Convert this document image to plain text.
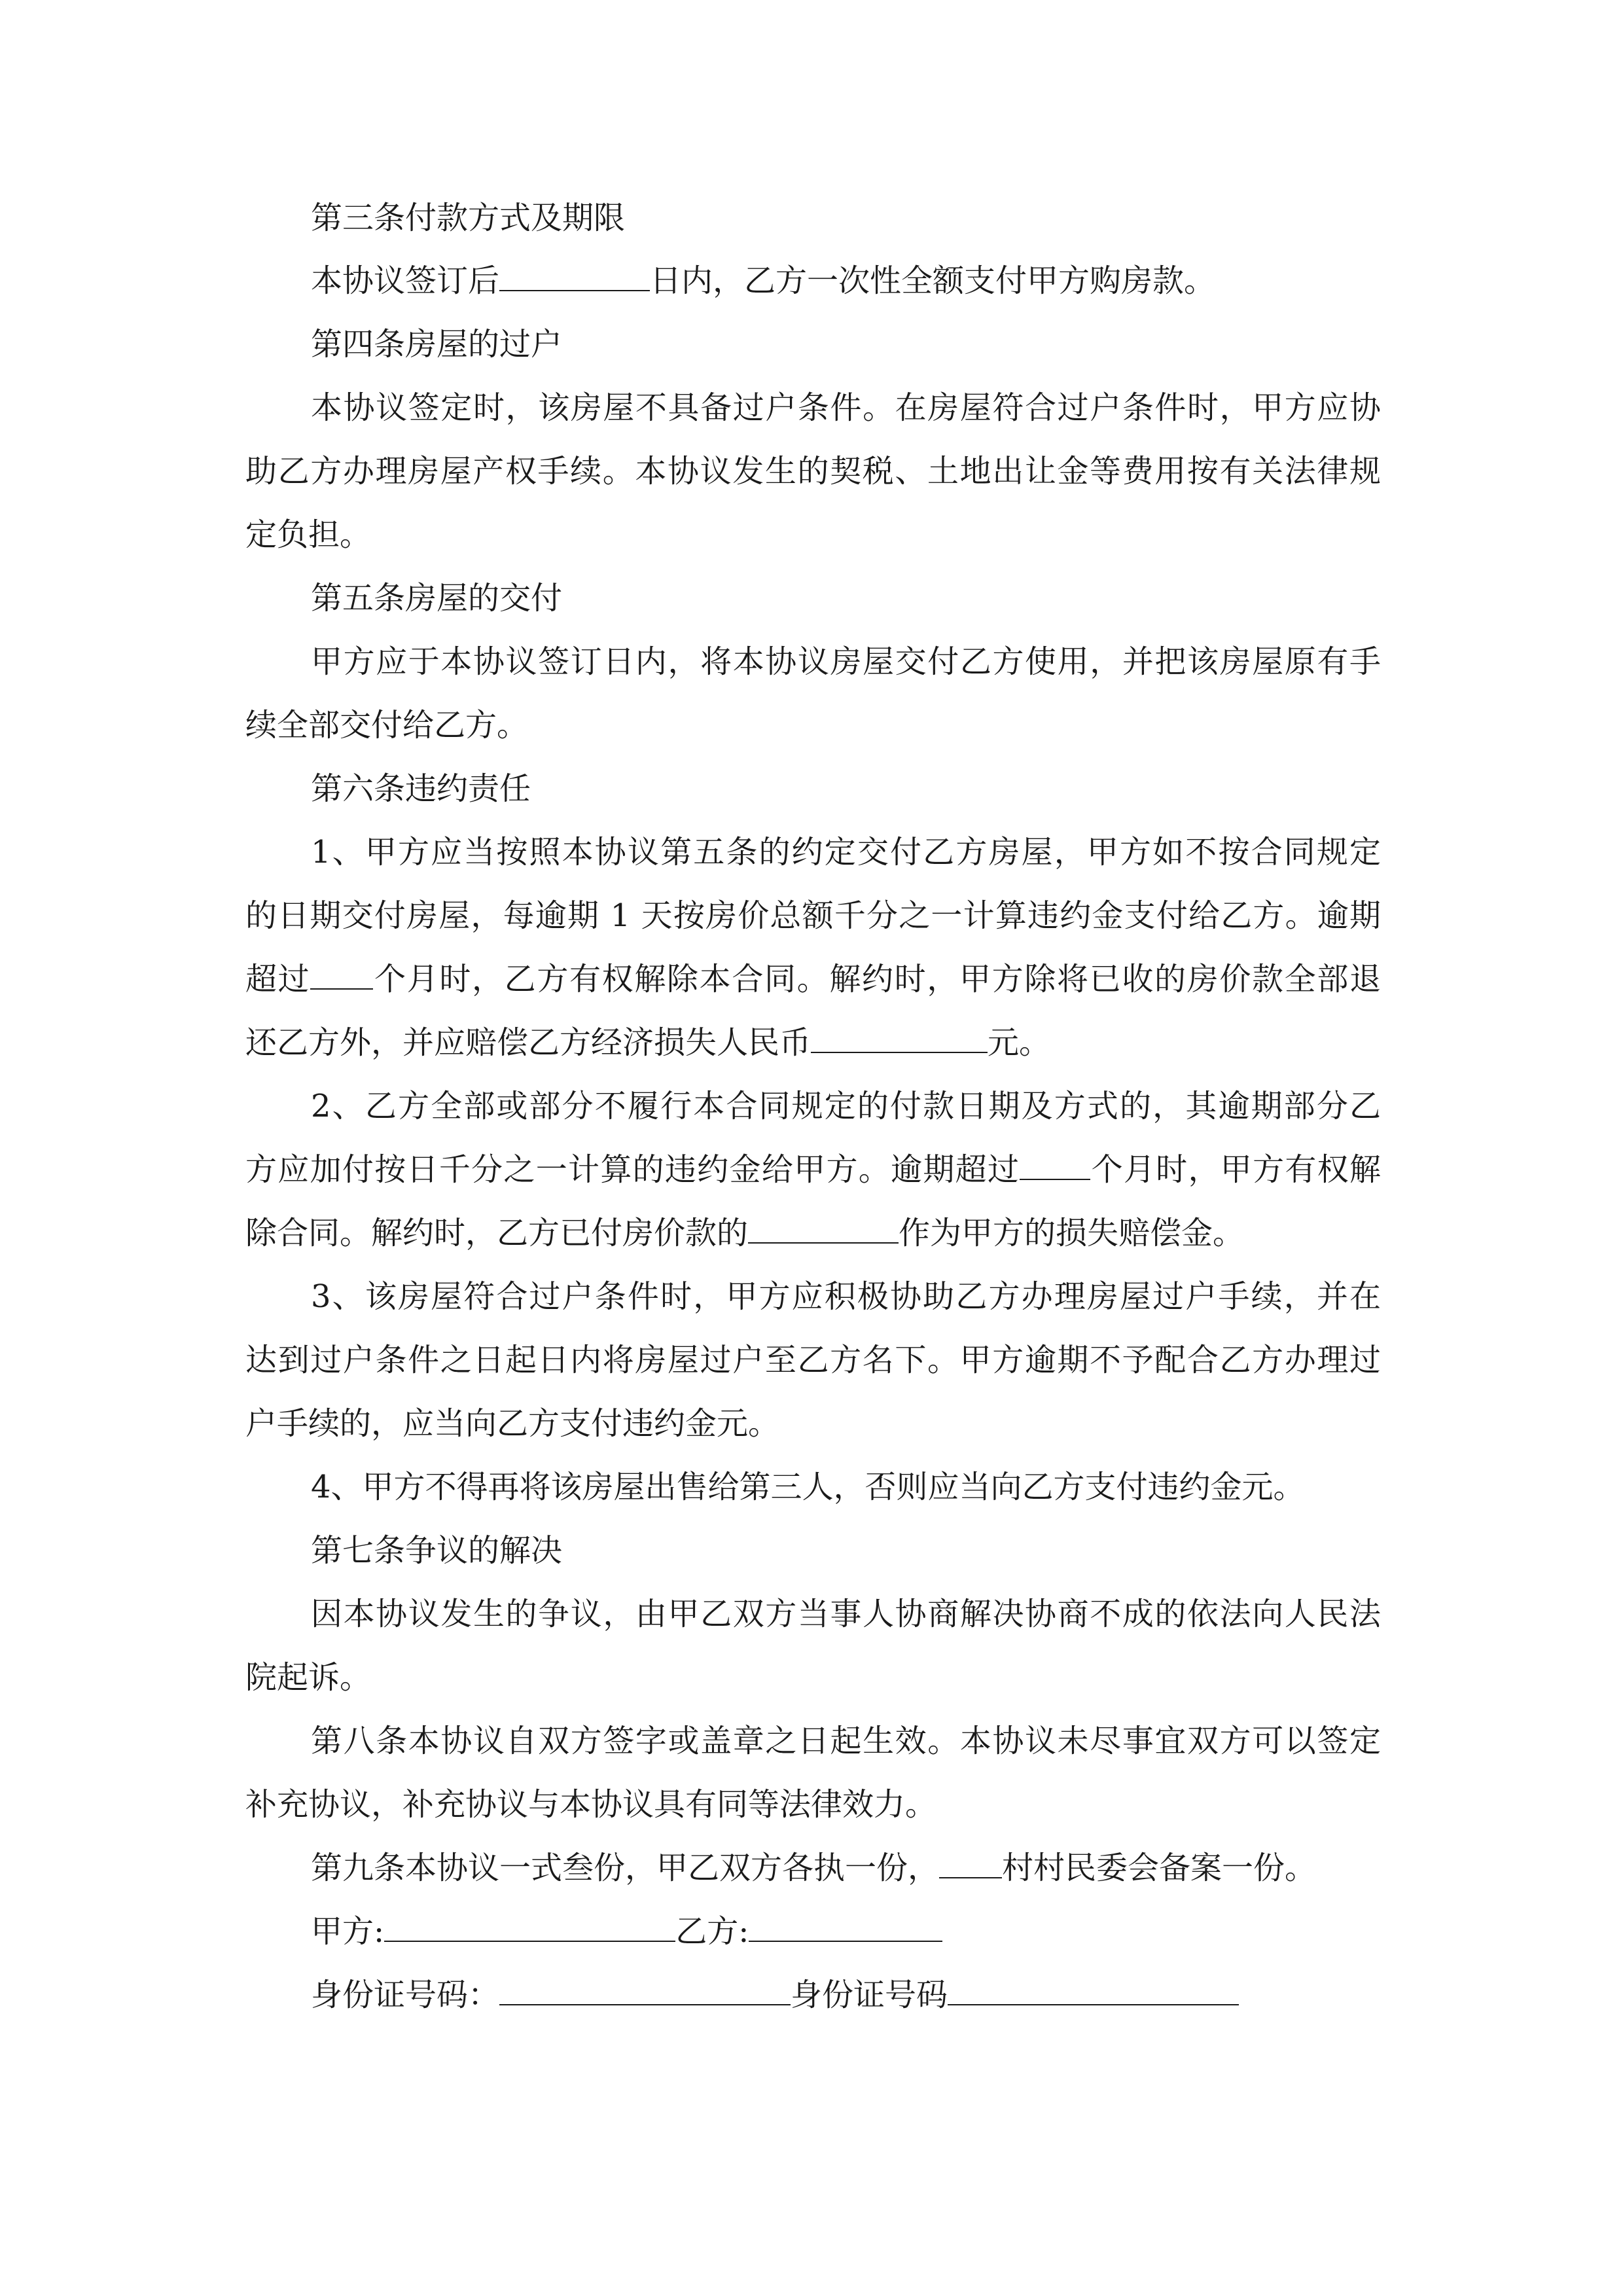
第三条付款方式及期限
本协议签订后	日内，乙方一次性全额支付甲方购房款。
第四条房屋的过户
本协议签定时，该房屋不具备过户条件。在房屋符合过户条件时，甲方应协
助乙方办理房屋产权手续。本协议发生的契税、土地出让金等费用按有关法律规
定负担。
第五条房屋的交付
甲方应于本协议签订日内，将本协议房屋交付乙方使用，并把该房屋原有手
续全部交付给乙方。
第六条违约责任
1、甲方应当按照本协议第五条的约定交付乙方房屋，甲方如不按合同规定
的日期交付房屋，每逾期 1 天按房价总额千分之一计算违约金支付给乙方。逾期
超过 个月时，乙方有权解除本合同。解约时，甲方除将已收的房价款全部退
还乙方外，并应赔偿乙方经济损失人民币	元。
2、乙方全部或部分不履行本合同规定的付款日期及方式的，其逾期部分乙
方应加付按日千分之一计算的违约金给甲方。逾期超过 个月时，甲方有权解
除合同。解约时，乙方已付房价款的	作为甲方的损失赔偿金。
3、该房屋符合过户条件时，甲方应积极协助乙方办理房屋过户手续，并在
达到过户条件之日起日内将房屋过户至乙方名下。甲方逾期不予配合乙方办理过
户手续的，应当向乙方支付违约金元。
4、甲方不得再将该房屋出售给第三人，否则应当向乙方支付违约金元。
第七条争议的解决
因本协议发生的争议，由甲乙双方当事人协商解决协商不成的依法向人民法
院起诉。
第八条本协议自双方签字或盖章之日起生效。本协议未尽事宜双方可以签定
补充协议，补充协议与本协议具有同等法律效力。
第九条本协议一式叁份，甲乙双方各执一份， 村村民委会备案一份。
甲方:	乙方:
身份证号码：	身份证号码
